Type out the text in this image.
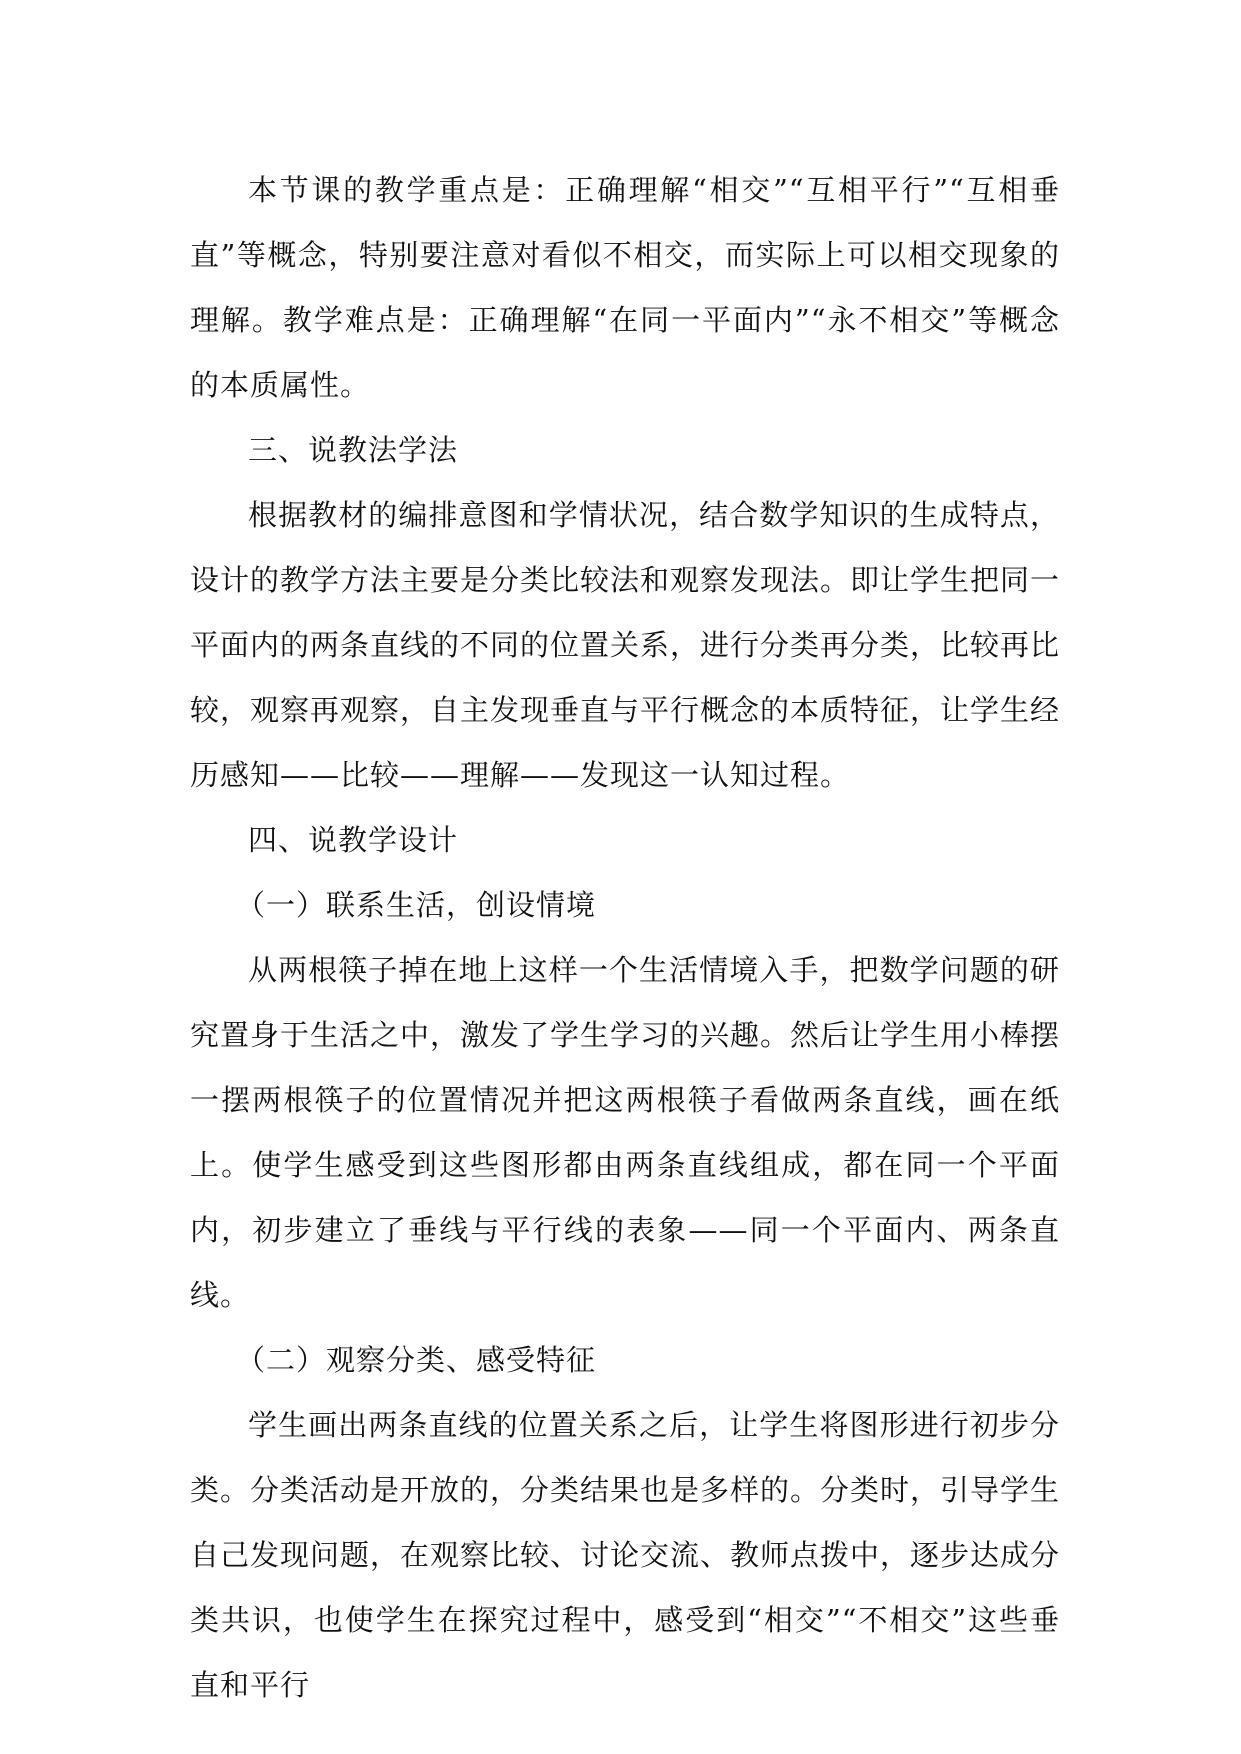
本节课的教学重点是：正确理解“相交”“互相平行”“互相垂直”等概念，特别要注意对看似不相交，而实际上可以相交现象的理解。教学难点是：正确理解“在同一平面内”“永不相交”等概念的本质属性。

三、说教法学法

根据教材的编排意图和学情状况，结合数学知识的生成特点，设计的教学方法主要是分类比较法和观察发现法。即让学生把同一平面内的两条直线的不同的位置关系，进行分类再分类，比较再比较，观察再观察，自主发现垂直与平行概念的本质特征，让学生经历感知——比较——理解——发现这一认知过程。

四、说教学设计

（一）联系生活，创设情境

从两根筷子掉在地上这样一个生活情境入手，把数学问题的研究置身于生活之中，激发了学生学习的兴趣。然后让学生用小棒摆一摆两根筷子的位置情况并把这两根筷子看做两条直线，画在纸上。使学生感受到这些图形都由两条直线组成，都在同一个平面内，初步建立了垂线与平行线的表象——同一个平面内、两条直线。

（二）观察分类、感受特征

学生画出两条直线的位置关系之后，让学生将图形进行初步分类。分类活动是开放的，分类结果也是多样的。分类时，引导学生自己发现问题，在观察比较、讨论交流、教师点拨中，逐步达成分类共识，也使学生在探究过程中，感受到“相交”“不相交”这些垂直和平行
